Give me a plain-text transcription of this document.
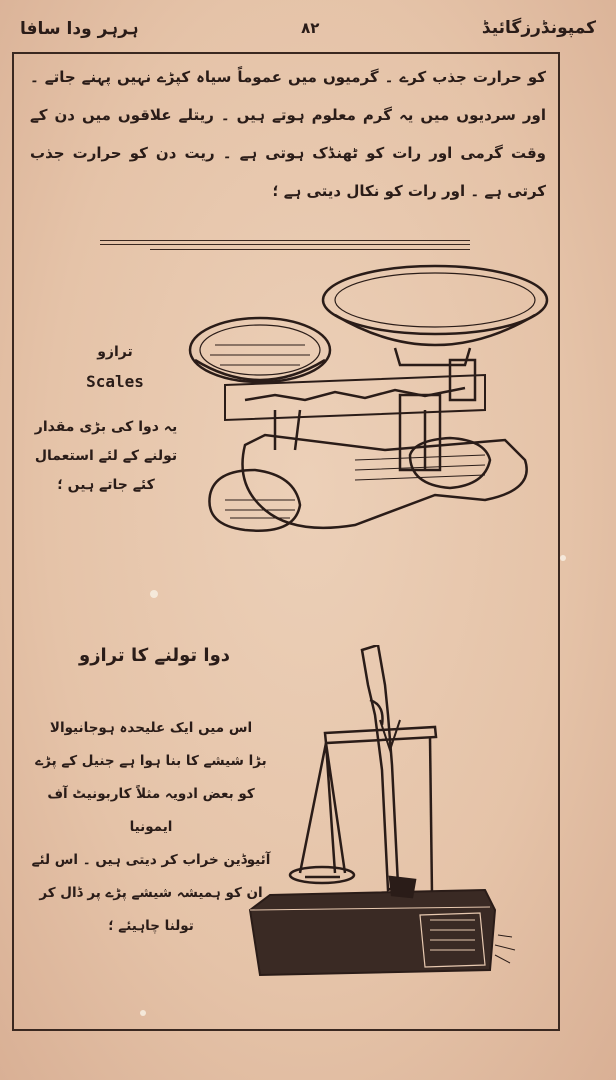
ہرہر ودا سافا	۸۲	کمپونڈرزگائیڈ
کو حرارت جذب کرے ۔ گرمیوں میں عموماً سیاہ کپڑے نہیں پہنے جاتے ۔ اور سردیوں میں یہ گرم معلوم ہوتے ہیں ۔ ریتلے علاقوں میں دن کے وقت گرمی اور رات کو ٹھنڈک ہوتی ہے ۔ ریت دن کو حرارت جذب کرتی ہے ۔ اور رات کو نکال دیتی ہے ؛
ترازو
Scales
یہ دوا کی بڑی مقدار
تولنے کے لئے استعمال
کئے جاتے ہیں ؛
دوا تولنے کا ترازو
اس میں ایک علیحدہ ہوجانیوالا
بڑا شیشے کا بنا ہوا ہے جنیل کے پڑے
کو بعض ادویہ مثلاً کاربونیٹ آف ایمونیا
آئیوڈین خراب کر دیتی ہیں ۔ اس لئے
ان کو ہمیشہ شیشے پڑے پر ڈال کر
تولنا چاہیئے ؛
